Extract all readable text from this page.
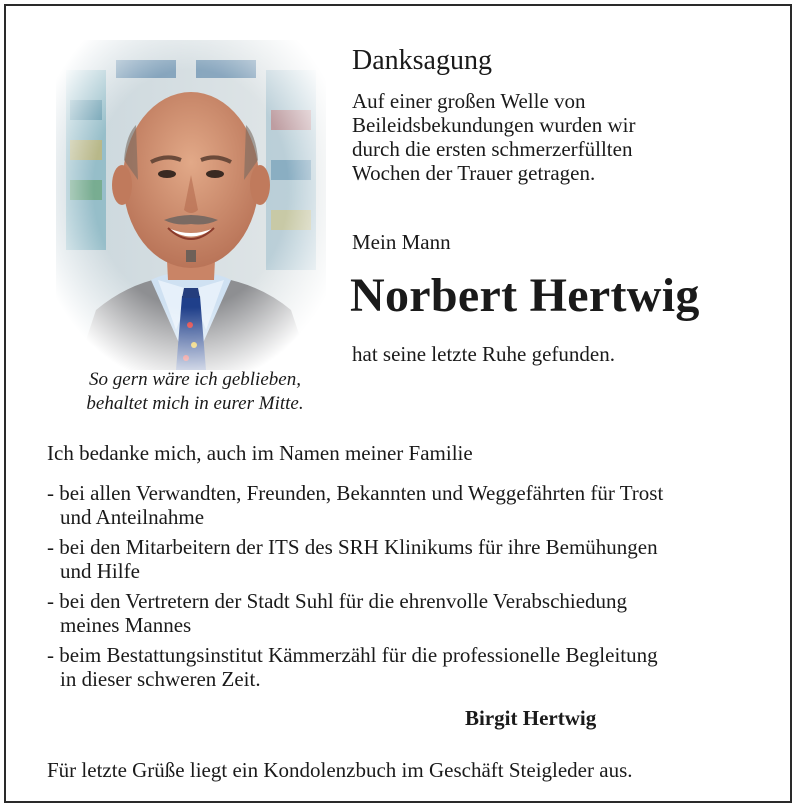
So gern wäre ich geblieben,
behaltet mich in eurer Mitte.
Danksagung
Auf einer großen Welle von
Beileidsbekundungen wurden wir
durch die ersten schmerzerfüllten
Wochen der Trauer getragen.
Mein Mann
Norbert Hertwig
hat seine letzte Ruhe gefunden.
Ich bedanke mich, auch im Namen meiner Familie
- bei allen Verwandten, Freunden, Bekannten und Weggefährten für Trost
und Anteilnahme
- bei den Mitarbeitern der ITS des SRH Klinikums für ihre Bemühungen
und Hilfe
- bei den Vertretern der Stadt Suhl für die ehrenvolle Verabschiedung
meines Mannes
- beim Bestattungsinstitut Kämmerzähl für die professionelle Begleitung
in dieser schweren Zeit.
Birgit Hertwig
Für letzte Grüße liegt ein Kondolenzbuch im Geschäft Steigleder aus.
